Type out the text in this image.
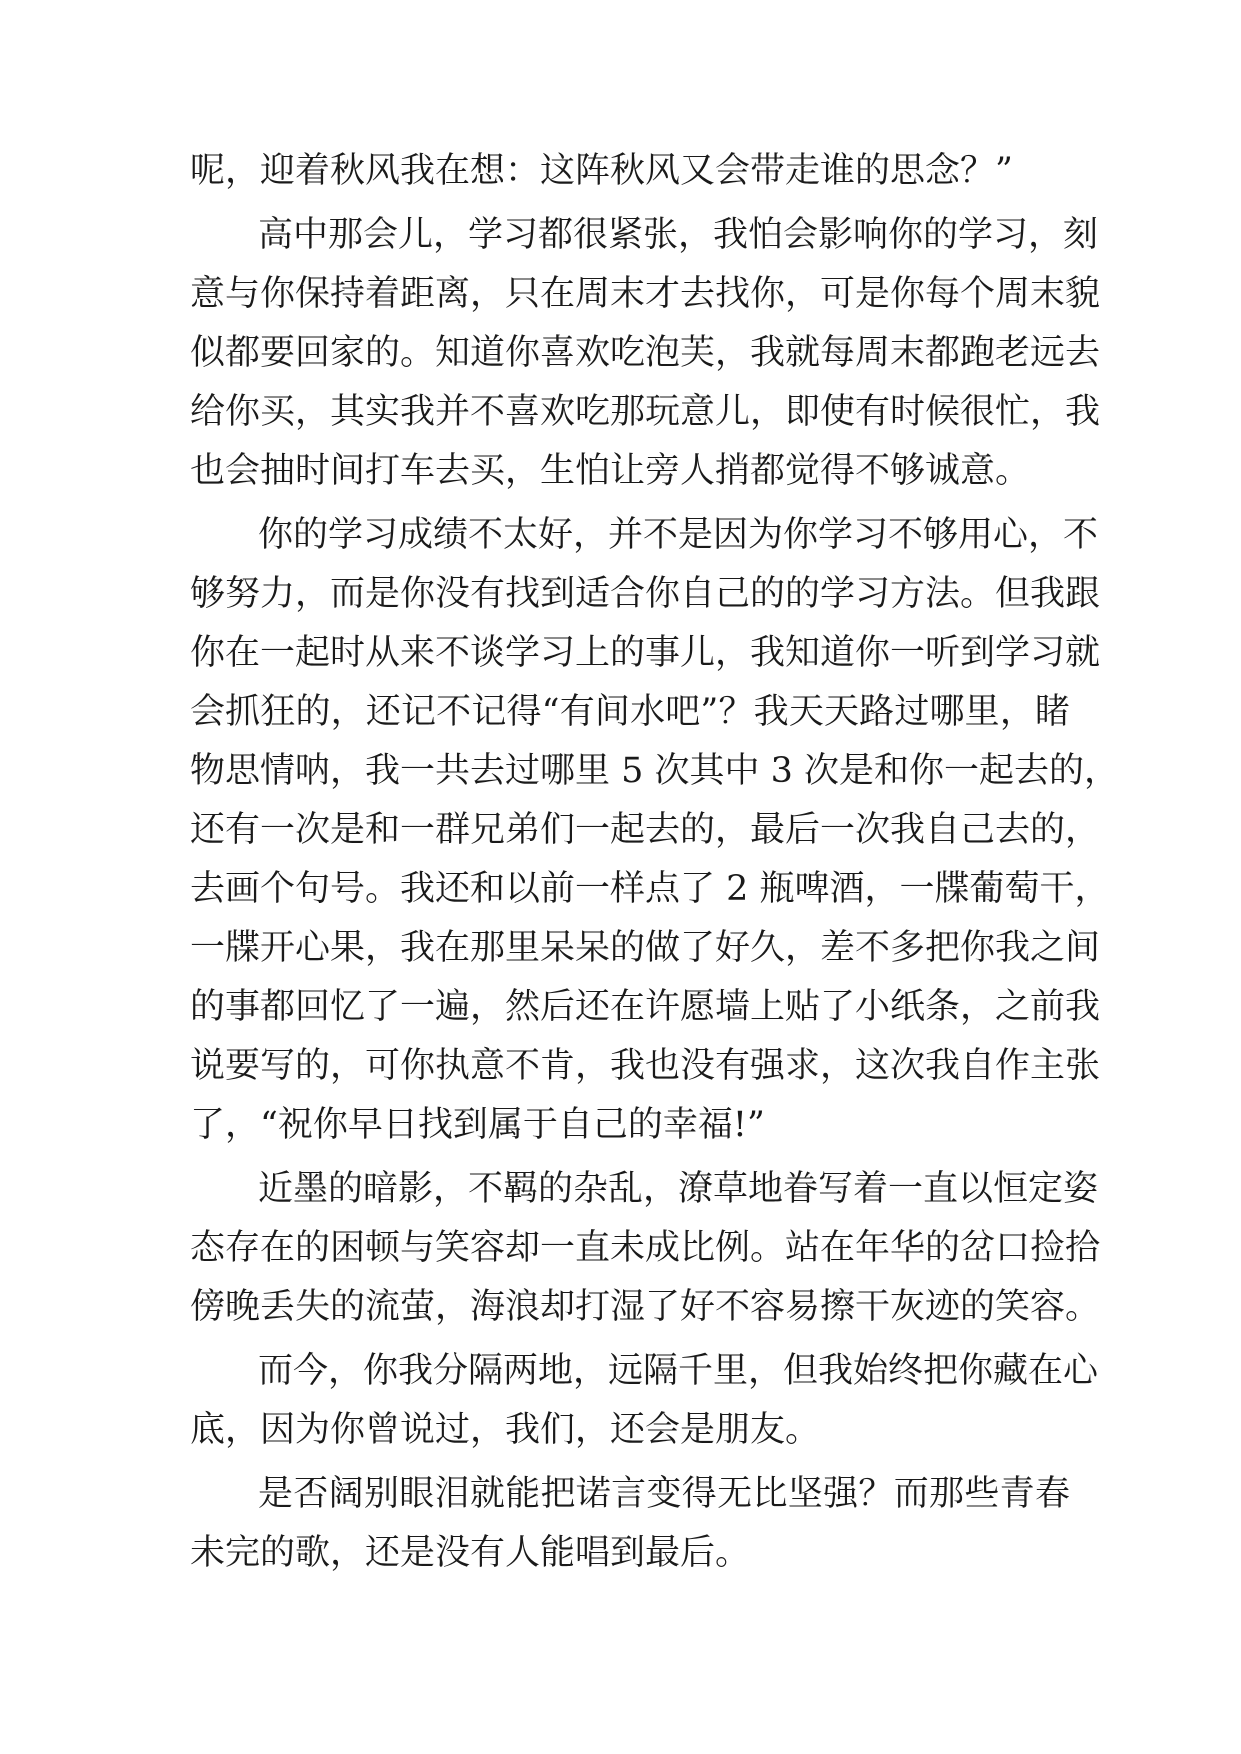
呢，迎着秋风我在想：这阵秋风又会带走谁的思念？”
高中那会儿，学习都很紧张，我怕会影响你的学习，刻
意与你保持着距离，只在周末才去找你，可是你每个周末貌
似都要回家的。知道你喜欢吃泡芙，我就每周末都跑老远去
给你买，其实我并不喜欢吃那玩意儿，即使有时候很忙，我
也会抽时间打车去买，生怕让旁人捎都觉得不够诚意。
你的学习成绩不太好，并不是因为你学习不够用心，不
够努力，而是你没有找到适合你自己的的学习方法。但我跟
你在一起时从来不谈学习上的事儿，我知道你一听到学习就
会抓狂的，还记不记得“有间水吧”？我天天路过哪里，睹
物思情呐，我一共去过哪里 5 次其中 3 次是和你一起去的，
还有一次是和一群兄弟们一起去的，最后一次我自己去的，
去画个句号。我还和以前一样点了 2 瓶啤酒，一牒葡萄干，
一牒开心果，我在那里呆呆的做了好久，差不多把你我之间
的事都回忆了一遍，然后还在许愿墙上贴了小纸条，之前我
说要写的，可你执意不肯，我也没有强求，这次我自作主张
了，“祝你早日找到属于自己的幸福!”
近墨的暗影，不羁的杂乱，潦草地眷写着一直以恒定姿
态存在的困顿与笑容却一直未成比例。站在年华的岔口捡拾
傍晚丢失的流萤，海浪却打湿了好不容易擦干灰迹的笑容。
而今，你我分隔两地，远隔千里，但我始终把你藏在心
底，因为你曾说过，我们，还会是朋友。
是否阔别眼泪就能把诺言变得无比坚强？而那些青春
未完的歌，还是没有人能唱到最后。
